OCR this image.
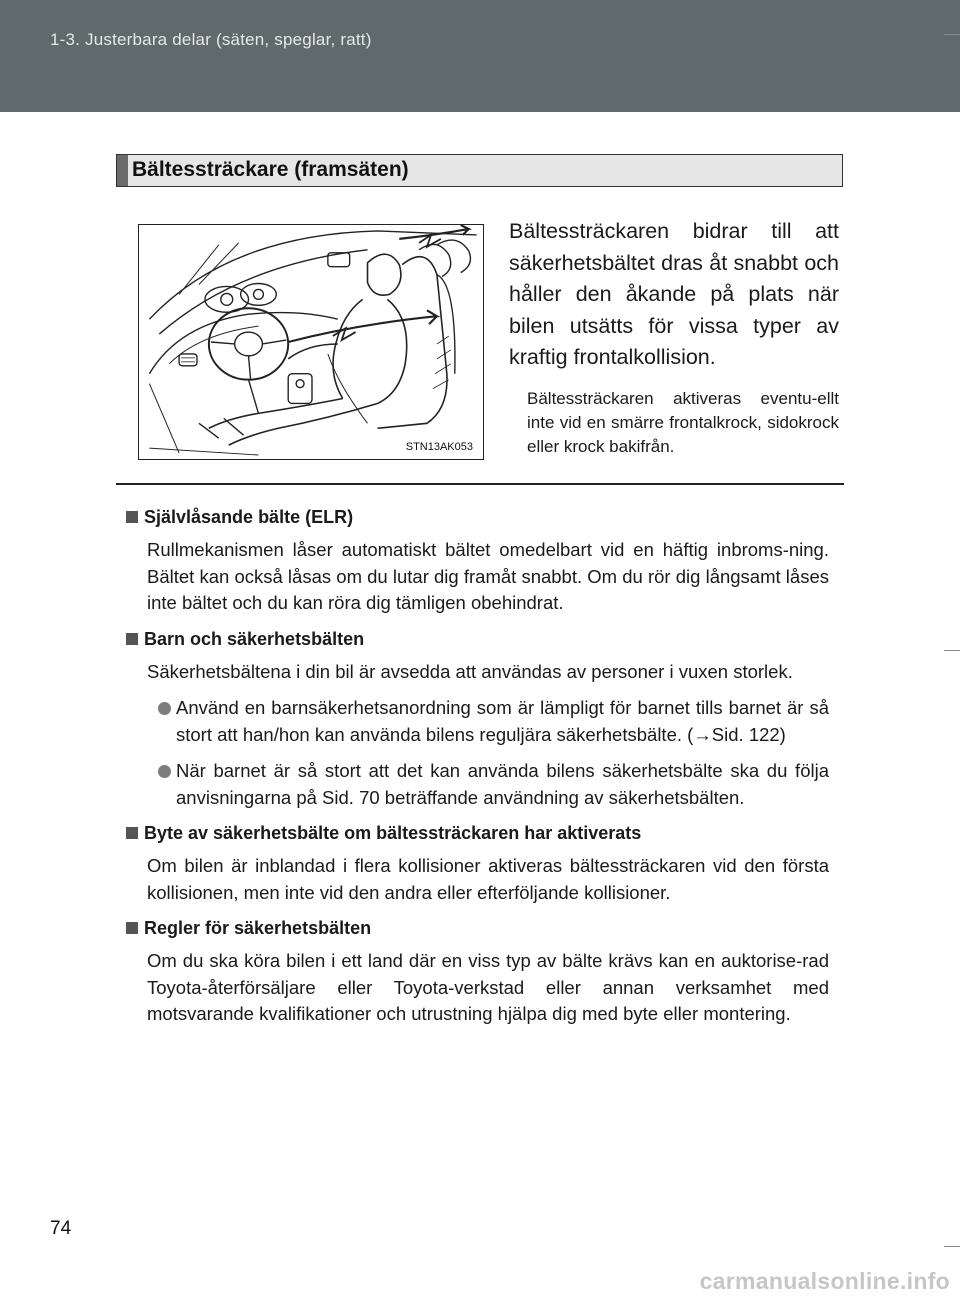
1-3. Justerbara delar (säten, speglar, ratt)
Bältessträckare (framsäten)
STN13AK053
Bältessträckaren bidrar till att säkerhetsbältet dras åt snabbt och håller den åkande på plats när bilen utsätts för vissa typer av kraftig frontalkollision.
Bältessträckaren aktiveras eventu-ellt inte vid en smärre frontalkrock, sidokrock eller krock bakifrån.
Självlåsande bälte (ELR)
Rullmekanismen låser automatiskt bältet omedelbart vid en häftig inbroms-ning. Bältet kan också låsas om du lutar dig framåt snabbt. Om du rör dig långsamt låses inte bältet och du kan röra dig tämligen obehindrat.
Barn och säkerhetsbälten
Säkerhetsbältena i din bil är avsedda att användas av personer i vuxen storlek.
Använd en barnsäkerhetsanordning som är lämpligt för barnet tills barnet är så stort att han/hon kan använda bilens reguljära säkerhetsbälte. (→Sid. 122)
När barnet är så stort att det kan använda bilens säkerhetsbälte ska du följa anvisningarna på Sid. 70 beträffande användning av säkerhetsbälten.
Byte av säkerhetsbälte om bältessträckaren har aktiverats
Om bilen är inblandad i flera kollisioner aktiveras bältessträckaren vid den första kollisionen, men inte vid den andra eller efterföljande kollisioner.
Regler för säkerhetsbälten
Om du ska köra bilen i ett land där en viss typ av bälte krävs kan en auktorise-rad Toyota-återförsäljare eller Toyota-verkstad eller annan verksamhet med motsvarande kvalifikationer och utrustning hjälpa dig med byte eller montering.
74
carmanualsonline.info
